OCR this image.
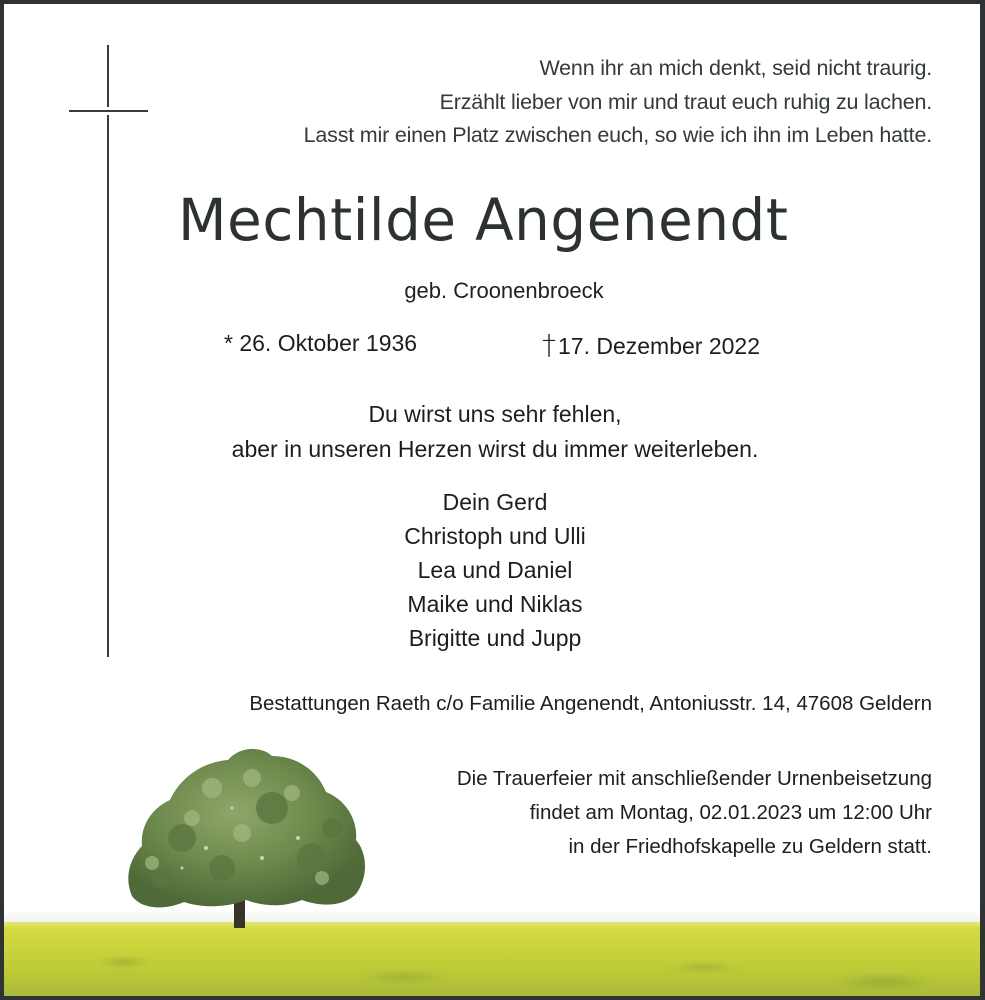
Wenn ihr an mich denkt, seid nicht traurig.
Erzählt lieber von mir und traut euch ruhig zu lachen.
Lasst mir einen Platz zwischen euch, so wie ich ihn im Leben hatte.
Mechtilde Angenendt
geb. Croonenbroeck
* 26. Oktober 1936	†17. Dezember 2022
Du wirst uns sehr fehlen,
aber in unseren Herzen wirst du immer weiterleben.
Dein Gerd
Christoph und Ulli
Lea und Daniel
Maike und Niklas
Brigitte und Jupp
Bestattungen Raeth c/o Familie Angenendt, Antoniusstr. 14, 47608 Geldern
Die Trauerfeier mit anschließender Urnenbeisetzung
findet am Montag, 02.01.2023 um 12:00 Uhr
in der Friedhofskapelle zu Geldern statt.
